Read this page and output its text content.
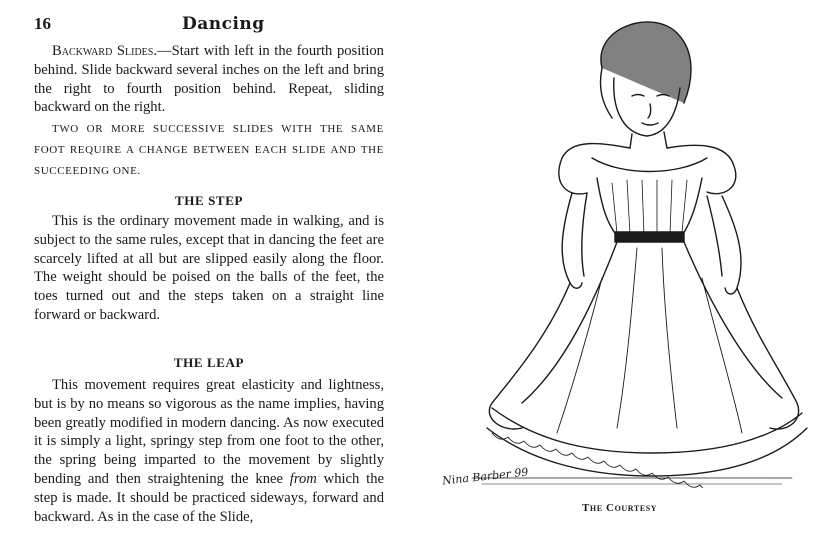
16	Dancing

Backward Slides.—Start with left in the fourth position behind. Slide backward several inches on the left and bring the right to fourth position behind. Repeat, sliding backward on the right.

TWO OR MORE SUCCESSIVE SLIDES WITH THE SAME FOOT REQUIRE A CHANGE BETWEEN EACH SLIDE AND THE SUCCEEDING ONE.

THE STEP

This is the ordinary movement made in walking, and is subject to the same rules, except that in dancing the feet are scarcely lifted at all but are slipped easily along the floor. The weight should be poised on the balls of the feet, the toes turned out and the steps taken on a straight line forward or backward.

THE LEAP

This movement requires great elasticity and lightness, but is by no means so vigorous as the name implies, having been greatly modified in modern dancing. As now executed it is simply a light, springy step from one foot to the other, the spring being imparted to the movement by slightly bending and then straightening the knee from which the step is made. It should be practiced sideways, forward and backward. As in the case of the Slide,

Nina Barber 99
The Courtesy
